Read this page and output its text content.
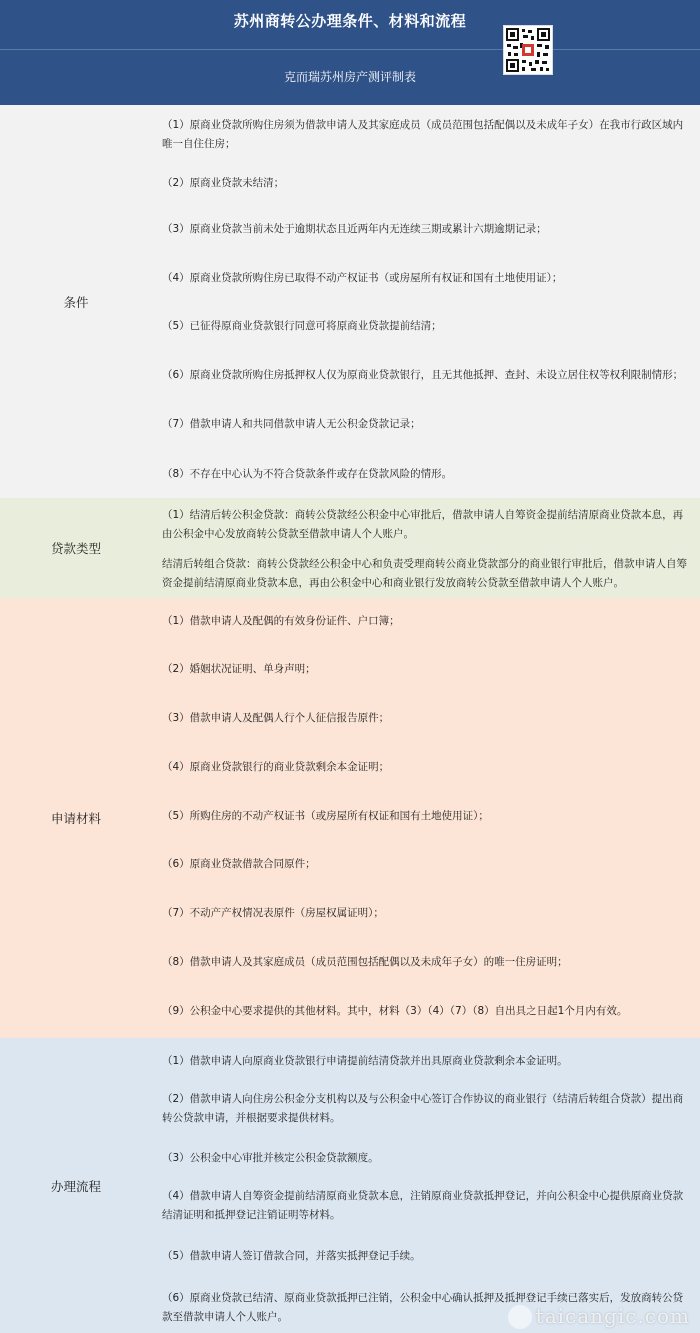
苏州商转公办理条件、材料和流程
克而瑞苏州房产测评制表
条件
（1）原商业贷款所购住房须为借款申请人及其家庭成员（成员范围包括配偶以及未成年子女）在我市行政区域内唯一自住住房；
（2）原商业贷款未结清；
（3）原商业贷款当前未处于逾期状态且近两年内无连续三期或累计六期逾期记录；
（4）原商业贷款所购住房已取得不动产权证书（或房屋所有权证和国有土地使用证）；
（5）已征得原商业贷款银行同意可将原商业贷款提前结清；
（6）原商业贷款所购住房抵押权人仅为原商业贷款银行，且无其他抵押、查封、未设立居住权等权利限制情形；
（7）借款申请人和共同借款申请人无公积金贷款记录；
（8）不存在中心认为不符合贷款条件或存在贷款风险的情形。
贷款类型
（1）结清后转公积金贷款：商转公贷款经公积金中心审批后，借款申请人自筹资金提前结清原商业贷款本息，再由公积金中心发放商转公贷款至借款申请人个人账户。
结清后转组合贷款：商转公贷款经公积金中心和负责受理商转公商业贷款部分的商业银行审批后，借款申请人自筹资金提前结清原商业贷款本息，再由公积金中心和商业银行发放商转公贷款至借款申请人个人账户。
申请材料
（1）借款申请人及配偶的有效身份证件、户口簿；
（2）婚姻状况证明、单身声明；
（3）借款申请人及配偶人行个人征信报告原件；
（4）原商业贷款银行的商业贷款剩余本金证明；
（5）所购住房的不动产权证书（或房屋所有权证和国有土地使用证）；
（6）原商业贷款借款合同原件；
（7）不动产产权情况表原件（房屋权属证明）；
（8）借款申请人及其家庭成员（成员范围包括配偶以及未成年子女）的唯一住房证明；
（9）公积金中心要求提供的其他材料。其中，材料（3）（4）（7）（8）自出具之日起1个月内有效。
办理流程
（1）借款申请人向原商业贷款银行申请提前结清贷款并出具原商业贷款剩余本金证明。
（2）借款申请人向住房公积金分支机构以及与公积金中心签订合作协议的商业银行（结清后转组合贷款）提出商转公贷款申请，并根据要求提供材料。
（3）公积金中心审批并核定公积金贷款额度。
（4）借款申请人自筹资金提前结清原商业贷款本息，注销原商业贷款抵押登记，并向公积金中心提供原商业贷款结清证明和抵押登记注销证明等材料。
（5）借款申请人签订借款合同，并落实抵押登记手续。
（6）原商业贷款已结清、原商业贷款抵押已注销，公积金中心确认抵押及抵押登记手续已落实后，发放商转公贷款至借款申请人个人账户。	taicangic.com
